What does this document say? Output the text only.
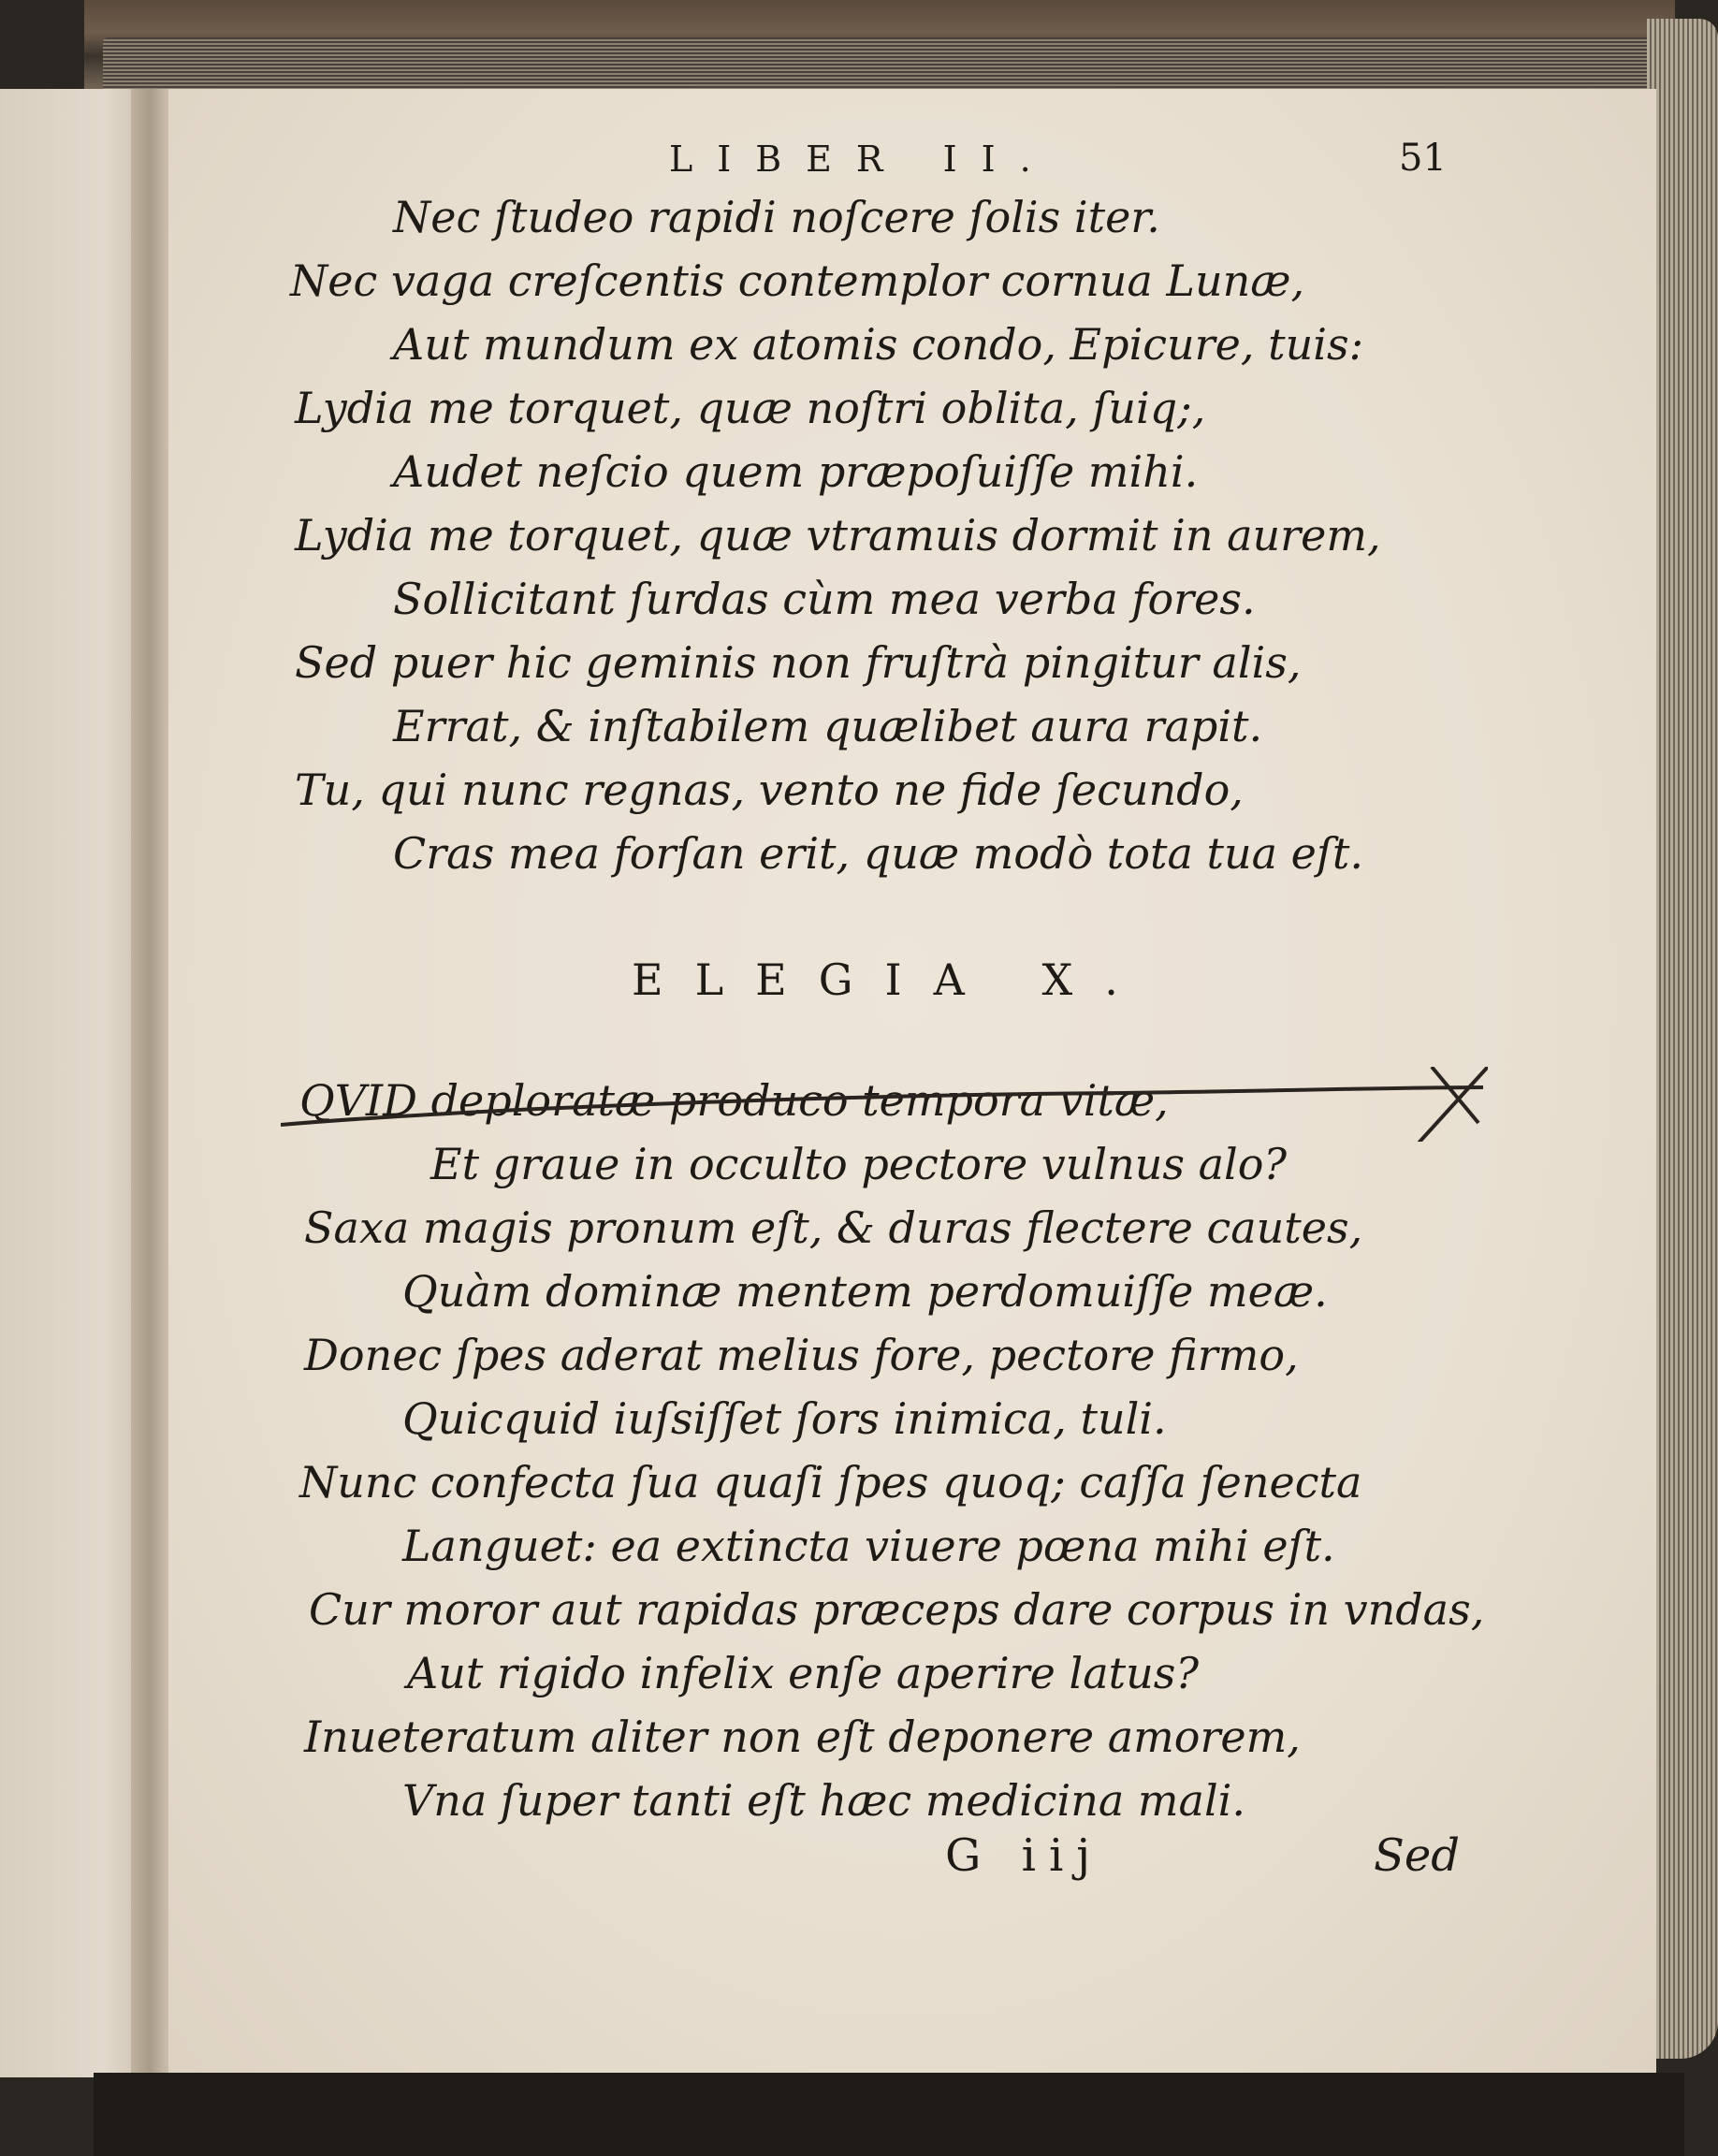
LIBER II.	51
Nec ſtudeo rapidi noſcere ſolis iter.
Nec vaga creſcentis contemplor cornua Lunæ,
Aut mundum ex atomis condo, Epicure, tuis:
Lydia me torquet, quæ noſtri oblita, ſuiq;,
Audet neſcio quem præpoſuiſſe mihi.
Lydia me torquet, quæ vtramuis dormit in aurem,
Sollicitant ſurdas cùm mea verba fores.
Sed puer hic geminis non fruſtrà pingitur alis,
Errat, & inſtabilem quælibet aura rapit.
Tu, qui nunc regnas, vento ne fide ſecundo,
Cras mea forſan erit, quæ modò tota tua eſt.
ELEGIA X.
QVID deploratæ produco tempora vitæ,
Et graue in occulto pectore vulnus alo?
Saxa magis pronum eſt, & duras flectere cautes,
Quàm dominæ mentem perdomuiſſe meæ.
Donec ſpes aderat melius fore, pectore firmo,
Quicquid iuſsiſſet ſors inimica, tuli.
Nunc confecta ſua quaſi ſpes quoq; caſſa ſenecta
Languet: ea extincta viuere pœna mihi eſt.
Cur moror aut rapidas præceps dare corpus in vndas,
Aut rigido infelix enſe aperire latus?
Inueteratum aliter non eſt deponere amorem,
Vna ſuper tanti eſt hæc medicina mali.
G iij	Sed
